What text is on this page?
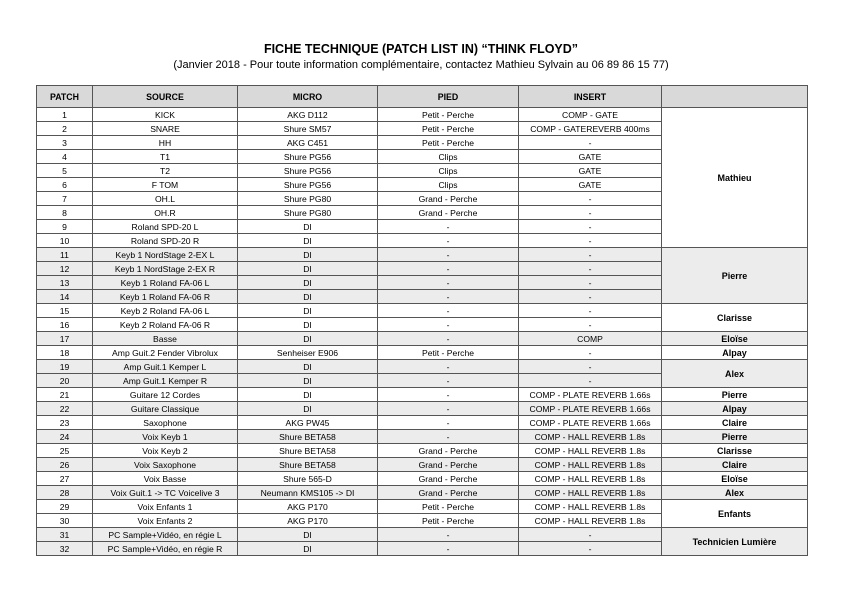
FICHE TECHNIQUE (PATCH LIST IN) “THINK FLOYD”
(Janvier 2018 - Pour toute information complémentaire, contactez Mathieu Sylvain au 06 89 86 15 77)
PATCH	SOURCE	MICRO	PIED	INSERT	
1	KICK	AKG D112	Petit - Perche	COMP - GATE	Mathieu
2	SNARE	Shure SM57	Petit - Perche	COMP - GATEREVERB 400ms	
3	HH	AKG C451	Petit - Perche	-	
4	T1	Shure PG56	Clips	GATE	
5	T2	Shure PG56	Clips	GATE	
6	F TOM	Shure PG56	Clips	GATE	
7	OH.L	Shure PG80	Grand - Perche	-	
8	OH.R	Shure PG80	Grand - Perche	-	
9	Roland SPD-20 L	DI	-	-	
10	Roland SPD-20 R	DI	-	-	
11	Keyb 1 NordStage 2-EX L	DI	-	-	Pierre
12	Keyb 1 NordStage 2-EX R	DI	-	-	
13	Keyb 1 Roland FA-06 L	DI	-	-	
14	Keyb 1 Roland FA-06 R	DI	-	-	
15	Keyb 2 Roland FA-06 L	DI	-	-	Clarisse
16	Keyb 2 Roland FA-06 R	DI	-	-	
17	Basse	DI	-	COMP	Eloïse
18	Amp Guit.2 Fender Vibrolux	Senheiser E906	Petit - Perche	-	Alpay
19	Amp Guit.1 Kemper L	DI	-	-	Alex
20	Amp Guit.1 Kemper R	DI	-	-	
21	Guitare 12 Cordes	DI	-	COMP - PLATE REVERB 1.66s	Pierre
22	Guitare Classique	DI	-	COMP - PLATE REVERB 1.66s	Alpay
23	Saxophone	AKG PW45	-	COMP - PLATE REVERB 1.66s	Claire
24	Voix Keyb 1	Shure BETA58	-	COMP - HALL REVERB 1.8s	Pierre
25	Voix Keyb 2	Shure BETA58	Grand - Perche	COMP - HALL REVERB 1.8s	Clarisse
26	Voix Saxophone	Shure BETA58	Grand - Perche	COMP - HALL REVERB 1.8s	Claire
27	Voix Basse	Shure 565-D	Grand - Perche	COMP - HALL REVERB 1.8s	Eloïse
28	Voix Guit.1 -> TC Voicelive 3	Neumann KMS105 -> DI	Grand - Perche	COMP - HALL REVERB 1.8s	Alex
29	Voix Enfants 1	AKG P170	Petit - Perche	COMP - HALL REVERB 1.8s	Enfants
30	Voix Enfants 2	AKG P170	Petit - Perche	COMP - HALL REVERB 1.8s	
31	PC Sample+Vidéo, en régie L	DI	-	-	Technicien Lumière
32	PC Sample+Vidéo, en régie R	DI	-	-	
